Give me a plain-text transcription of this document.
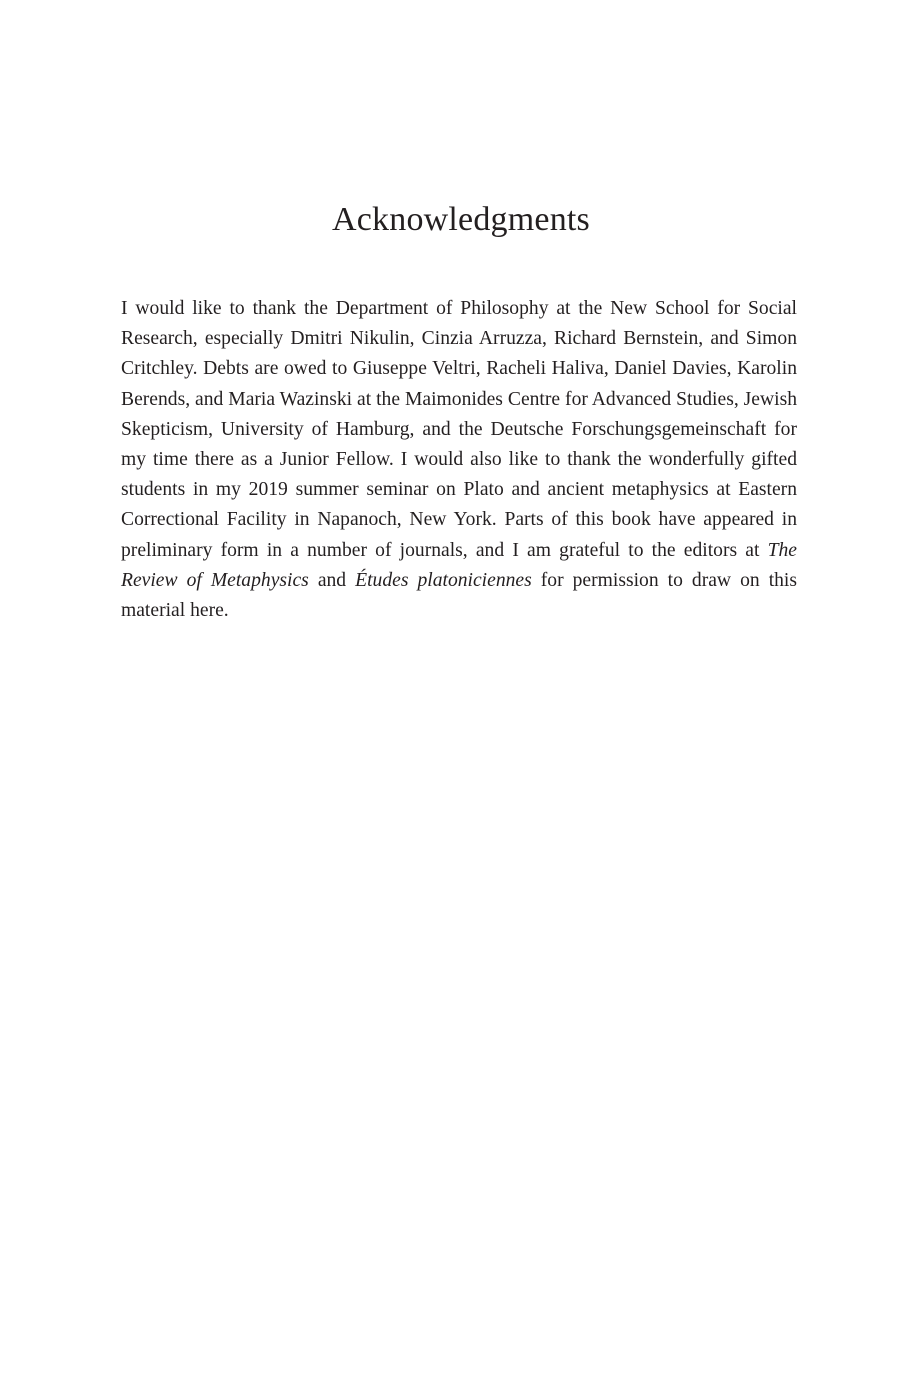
Acknowledgments

I would like to thank the Department of Philosophy at the New School for Social Research, especially Dmitri Nikulin, Cinzia Arruzza, Richard Bernstein, and Simon Critchley. Debts are owed to Giuseppe Veltri, Racheli Haliva, Daniel Davies, Karolin Berends, and Maria Wazinski at the Maimonides Centre for Advanced Studies, Jewish Skepticism, University of Hamburg, and the Deutsche Forschungsgemeinschaft for my time there as a Junior Fellow. I would also like to thank the wonderfully gifted students in my 2019 summer seminar on Plato and ancient metaphysics at Eastern Correctional Facility in Napanoch, New York. Parts of this book have appeared in preliminary form in a number of journals, and I am grateful to the editors at The Review of Metaphysics and Études platoniciennes for permission to draw on this material here.
